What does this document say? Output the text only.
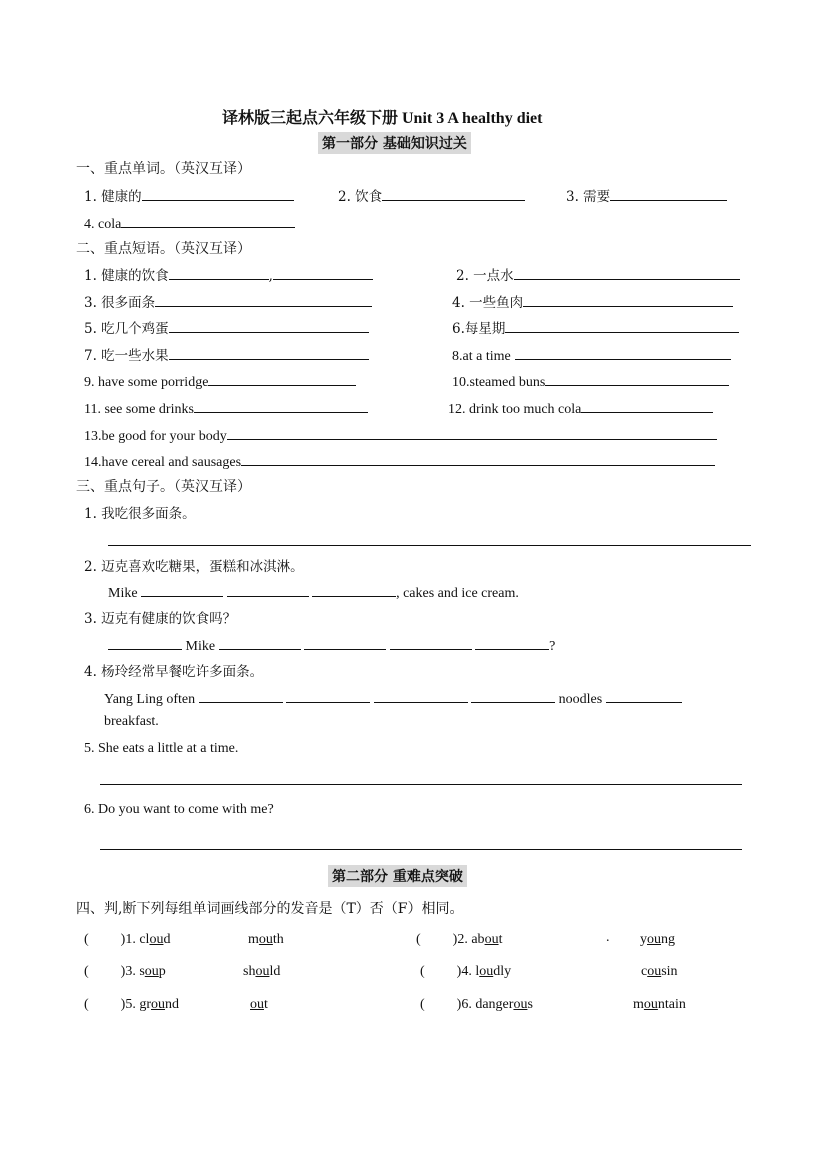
译林版三起点六年级下册 Unit 3 A healthy diet
第一部分 基础知识过关
一、重点单词。（英汉互译）
1. 健康的	2. 饮食	3. 需要
4. cola
二、重点短语。（英汉互译）
1. 健康的饮食	,	2. 一点水
3. 很多面条	4. 一些鱼肉
5. 吃几个鸡蛋	6.每星期
7. 吃一些水果	8.at a time
9. have some porridge	10.steamed buns
11. see some drinks	12. drink too much cola
13.be good for your body
14.have cereal and sausages
三、重点句子。（英汉互译）
1. 我吃很多面条。
2. 迈克喜欢吃糖果，蛋糕和冰淇淋。
Mike	, cakes and ice cream.
3. 迈克有健康的饮食吗？
Mike	?
4. 杨玲经常早餐吃许多面条。
Yang Ling often	noodles
breakfast.
5. She eats a little at a time.
6. Do you want to come with me?
第二部分 重难点突破
四、判,断下列每组单词画线部分的发音是（T）否（F）相同。
( )1. cloud	mouth	( )2. about	. young
( )3. soup	should	( )4. loudly	cousin
( )5. ground	out	( )6. dangerous	mountain
